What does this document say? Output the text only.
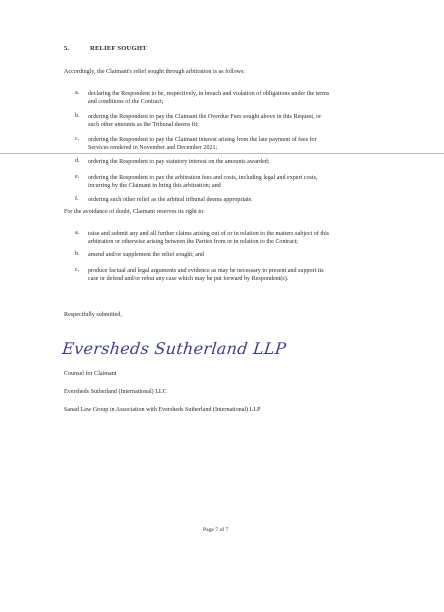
5.	RELIEF SOUGHT
Accordingly, the Claimant's relief sought through arbitration is as follows:
a. declaring the Respondent to be, respectively, in breach and violation of obligations under the terms
and conditions of the Contract;
b. ordering the Respondent to pay the Claimant the Overdue Fees sought above in this Request, or
such other amounts as the Tribunal deems fit;
c. ordering the Respondent to pay the Claimant interest arising from the late payment of fees for
Services rendered in November and December 2021;
d. ordering the Respondent to pay statutory interest on the amounts awarded;
e. ordering the Respondent to pay the arbitration fees and costs, including legal and expert costs,
incurring by the Claimant in bring this arbitration; and
f. ordering such other relief as the arbitral tribunal deems appropriate.
For the avoidance of doubt, Claimant reserves its right to:
a. raise and submit any and all further claims arising out of or in relation to the matters subject of this
arbitration or otherwise arising between the Parties from or in relation to the Contract;
b. amend and/or supplement the relief sought; and
c. produce factual and legal arguments and evidence as may be necessary to present and support its
case or defend and/or rebut any case which may be put forward by Respondent(s).
Respectfully submitted,
Eversheds Sutherland LLP
Counsel for Claimant
Eversheds Sutherland (International) LLC
Sanad Law Group in Association with Eversheds Sutherland (International) LLP
Page 7 of 7
